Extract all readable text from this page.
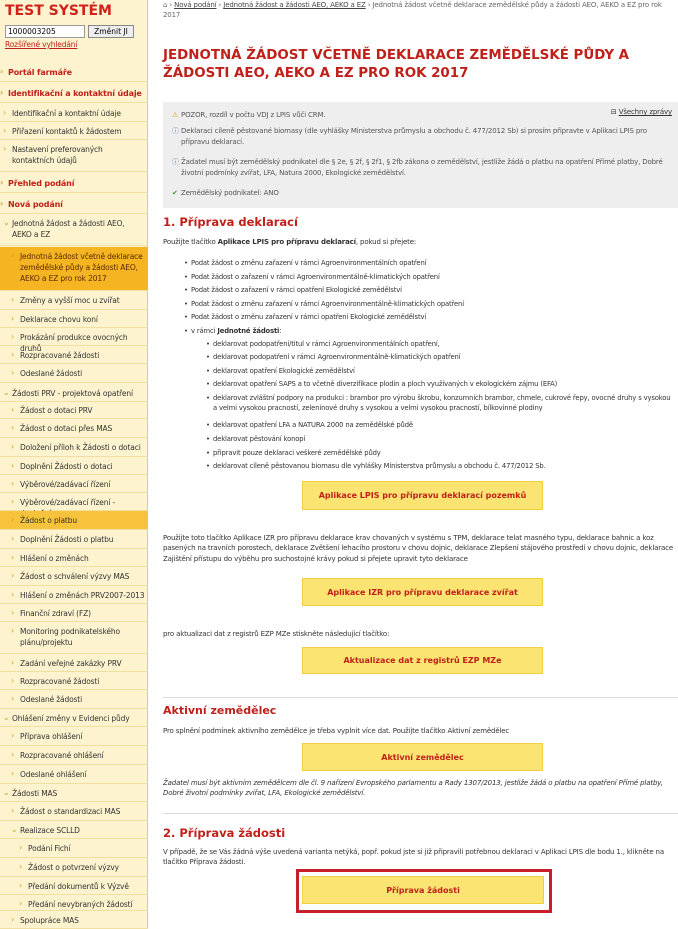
TEST SYSTÉM
1000003205
Změnit JI
Rozšířené vyhledání
› Portál farmáře
› Identifikační a kontaktní údaje
› Identifikační a kontaktní údaje
› Přiřazení kontaktů k žádostem
› Nastavení preferovaných kontaktních údajů
› Přehled podání
› Nová podání
⌄ Jednotná žádost a žádosti AEO, AEKO a EZ
› Jednotná žádost včetně deklarace zemědělské půdy a žádosti AEO, AEKO a EZ pro rok 2017
› Změny a vyšší moc u zvířat
› Deklarace chovu koní
› Prokázání produkce ovocných druhů
› Rozpracované žádosti
› Odeslané žádosti
⌄ Žádosti PRV - projektová opatření
› Žádost o dotaci PRV
› Žádost o dotaci přes MAS
› Doložení příloh k Žádosti o dotaci
› Doplnění Žádosti o dotaci
› Výběrové/zadávací řízení
› Výběrové/zadávací řízení -
› Žádost o platbu
› Doplnění Žádosti o platbu
› Hlášení o změnách
› Žádost o schválení výzvy MAS
› Hlášení o změnách PRV2007-2013
› Finanční zdraví (FZ)
› Monitoring podnikatelského plánu/projektu
› Zadání veřejné zakázky PRV
› Rozpracované žádosti
› Odeslané žádosti
⌄ Ohlášení změny v Evidenci půdy
› Příprava ohlášení
› Rozpracované ohlášení
› Odeslané ohlášení
⌄ Žádosti MAS
› Žádost o standardizaci MAS
⌄ Realizace SCLLD
› Podání Fichí
› Žádost o potvrzení výzvy
› Předání dokumentů k Výzvě
› Předání nevybraných žádostí
› Spolupráce MAS
⌂ › Nová podání › Jednotná žádost a žádosti AEO, AEKO a EZ › Jednotná žádost včetně deklarace zemědělské půdy a žádosti AEO, AEKO a EZ pro rok 2017
JEDNOTNÁ ŽÁDOST VČETNĚ DEKLARACE ZEMĚDĚLSKÉ PŮDY A ŽÁDOSTI AEO, AEKO A EZ PRO ROK 2017
⊟ Všechny zprávy
⚠ POZOR, rozdíl v počtu VDJ z LPIS vůči CRM.
ⓘ Deklaraci cíleně pěstované biomasy (dle vyhlášky Ministerstva průmyslu a obchodu č. 477/2012 Sb) si prosím připravte v Aplikaci LPIS pro přípravu deklarací.
ⓘ Žadatel musí být zemědělský podnikatel dle § 2e, § 2f, § 2f1, § 2fb zákona o zemědělství, jestliže žádá o platbu na opatření Přímé platby, Dobré životní podmínky zvířat, LFA, Natura 2000, Ekologické zemědělství.
✔ Zemědělský podnikatel: ANO
1. Příprava deklarací
Použijte tlačítko Aplikace LPIS pro přípravu deklarací, pokud si přejete:
• Podat žádost o změnu zařazení v rámci Agroenvironmentálních opatření
• Podat žádost o zařazení v rámci Agroenvironmentálně-klimatických opatření
• Podat žádost o zařazení v rámci opatření Ekologické zemědělství
• Podat žádost o změnu zařazení v rámci Agroenvironmentálně-klimatických opatření
• Podat žádost o změnu zařazení v rámci opatření Ekologické zemědělství
• v rámci Jednotné žádosti:
• deklarovat podopatření/titul v rámci Agroenvironmentálních opatření,
• deklarovat podopatření v rámci Agroenvironmentálně-klimatických opatření
• deklarovat opatření Ekologické zemědělství
• deklarovat opatření SAPS a to včetně diverzifikace plodin a ploch využívaných v ekologickém zájmu (EFA)
• deklarovat zvláštní podpory na produkci : brambor pro výrobu škrobu, konzumních brambor, chmele, cukrové řepy, ovocné druhy s vysokou a velmi vysokou pracností, zeleninové druhy s vysokou a velmi vysokou pracností, bílkovinné plodiny
• deklarovat opatření LFA a NATURA 2000 na zemědělské půdě
• deklarovat pěstování konopí
• připravit pouze deklaraci veškeré zemědělské půdy
• deklarovat cíleně pěstovanou biomasu dle vyhlášky Ministerstva průmyslu a obchodu č. 477/2012 Sb.
Aplikace LPIS pro přípravu deklarací pozemků
Použijte toto tlačítko Aplikace IZR pro přípravu deklarace krav chovaných v systému s TPM, deklarace telat masného typu, deklarace bahnic a koz pasených na travních porostech, deklarace Zvětšení lehacího prostoru v chovu dojnic, deklarace Zlepšení stájového prostředí v chovu dojnic, deklarace Zajištění přístupu do výběhu pro suchostojné krávy pokud si přejete upravit tyto deklarace
Aplikace IZR pro přípravu deklarace zvířat
pro aktualizaci dat z registrů EZP MZe stiskněte následující tlačítko:
Aktualizace dat z registrů EZP MZe
Aktivní zemědělec
Pro splnění podmínek aktivního zemědělce je třeba vyplnit více dat. Použijte tlačítko Aktivní zemědělec
Aktivní zemědělec
Žadatel musí být aktivním zemědělcem dle čl. 9 nařízení Evropského parlamentu a Rady 1307/2013, jestliže žádá o platbu na opatření Přímé platby, Dobré životní podmínky zvířat, LFA, Ekologické zemědělství.
2. Příprava žádosti
V případě, že se Vás žádná výše uvedená varianta netýká, popř. pokud jste si již připravili potřebnou deklaraci v Aplikaci LPIS dle bodu 1., klikněte na tlačítko Příprava žádosti.
Příprava žádosti
